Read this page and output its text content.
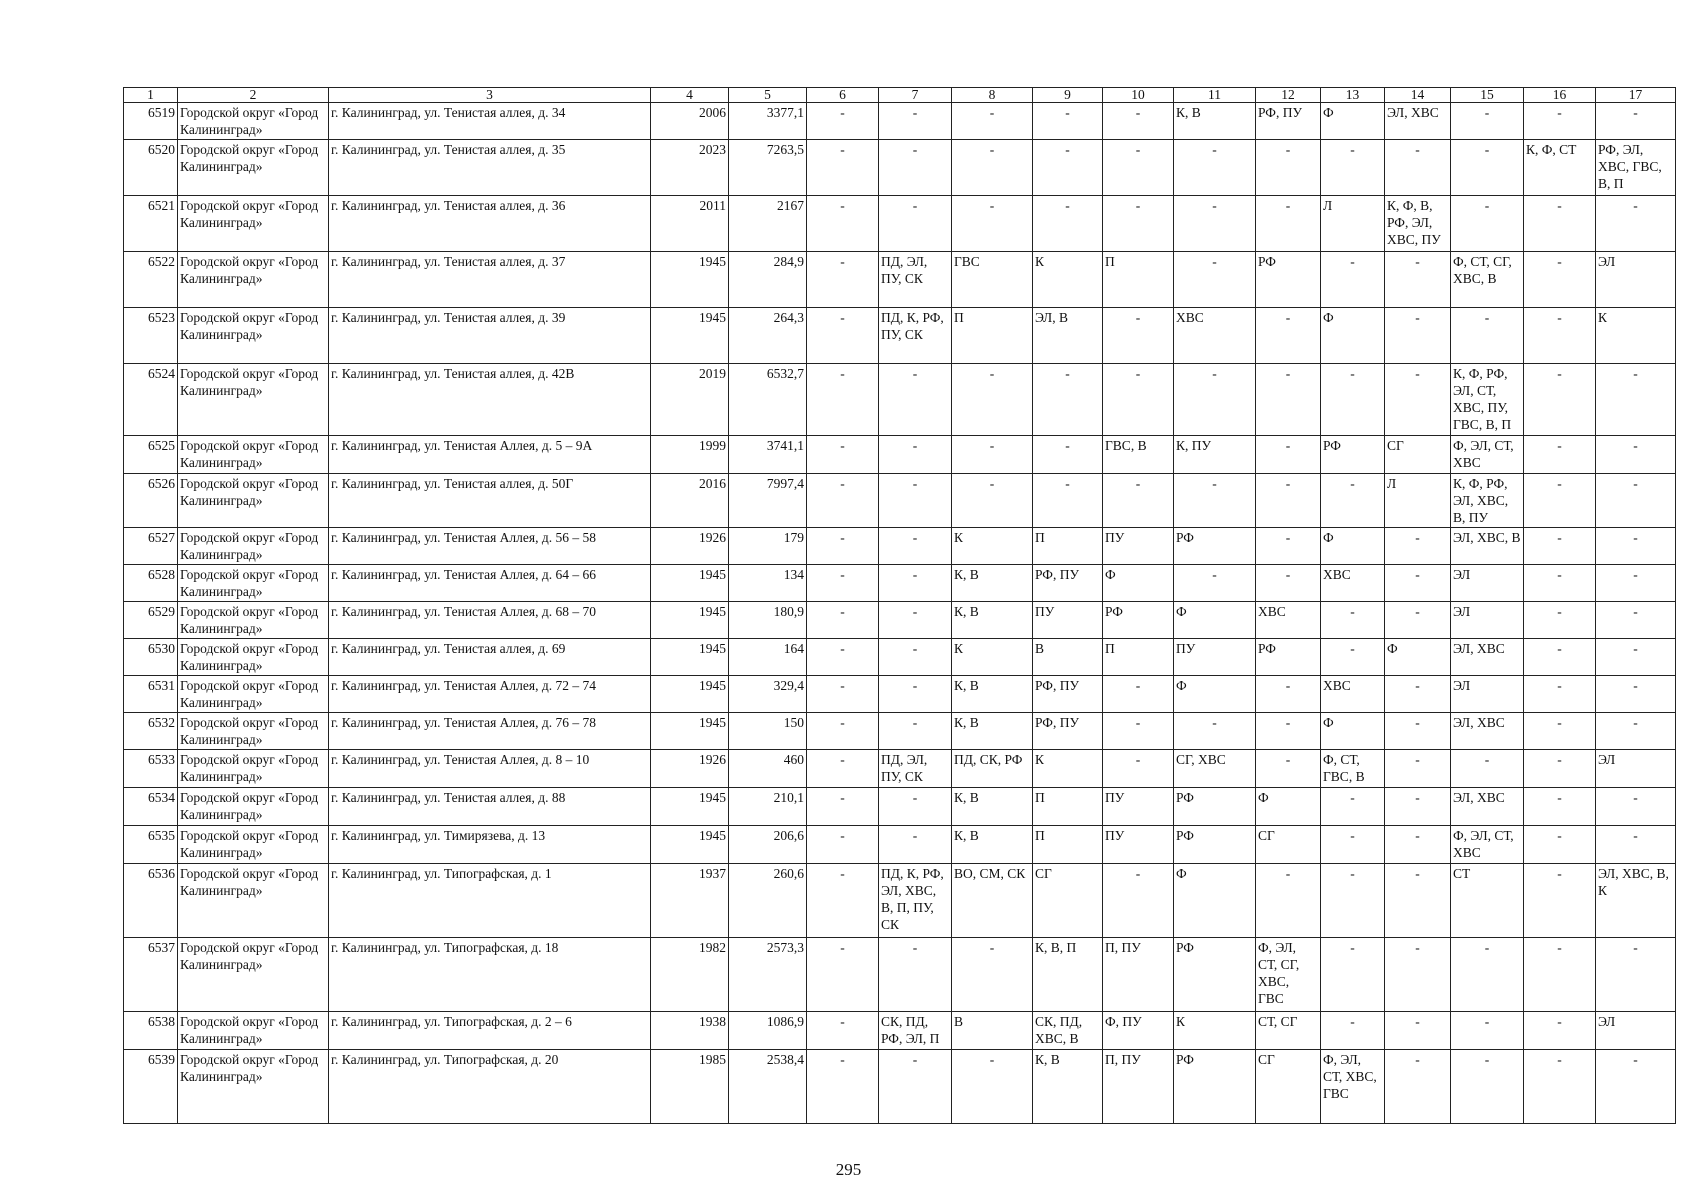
1	2	3	4	5	6	7	8	9	10	11	12	13	14	15	16	17
6519	Городской округ «Город Калининград»	г. Калининград, ул. Тенистая аллея, д. 34	2006	3377,1	-	-	-	-	-	К, В	РФ, ПУ	Ф	ЭЛ, ХВС	-	-	-
6520	Городской округ «Город Калининград»	г. Калининград, ул. Тенистая аллея, д. 35	2023	7263,5	-	-	-	-	-	-	-	-	-	-	К, Ф, СТ	РФ, ЭЛ, ХВС, ГВС, В, П
6521	Городской округ «Город Калининград»	г. Калининград, ул. Тенистая аллея, д. 36	2011	2167	-	-	-	-	-	-	-	Л	К, Ф, В, РФ, ЭЛ, ХВС, ПУ	-	-	-
6522	Городской округ «Город Калининград»	г. Калининград, ул. Тенистая аллея, д. 37	1945	284,9	-	ПД, ЭЛ, ПУ, СК	ГВС	К	П	-	РФ	-	-	Ф, СТ, СГ, ХВС, В	-	ЭЛ
6523	Городской округ «Город Калининград»	г. Калининград, ул. Тенистая аллея, д. 39	1945	264,3	-	ПД, К, РФ, ПУ, СК	П	ЭЛ, В	-	ХВС	-	Ф	-	-	-	К
6524	Городской округ «Город Калининград»	г. Калининград, ул. Тенистая аллея, д. 42В	2019	6532,7	-	-	-	-	-	-	-	-	-	К, Ф, РФ, ЭЛ, СТ, ХВС, ПУ, ГВС, В, П	-	-
6525	Городской округ «Город Калининград»	г. Калининград, ул. Тенистая Аллея, д. 5 – 9А	1999	3741,1	-	-	-	-	ГВС, В	К, ПУ	-	РФ	СГ	Ф, ЭЛ, СТ, ХВС	-	-
6526	Городской округ «Город Калининград»	г. Калининград, ул. Тенистая аллея, д. 50Г	2016	7997,4	-	-	-	-	-	-	-	-	Л	К, Ф, РФ, ЭЛ, ХВС, В, ПУ	-	-
6527	Городской округ «Город Калининград»	г. Калининград, ул. Тенистая Аллея, д. 56 – 58	1926	179	-	-	К	П	ПУ	РФ	-	Ф	-	ЭЛ, ХВС, В	-	-
6528	Городской округ «Город Калининград»	г. Калининград, ул. Тенистая Аллея, д. 64 – 66	1945	134	-	-	К, В	РФ, ПУ	Ф	-	-	ХВС	-	ЭЛ	-	-
6529	Городской округ «Город Калининград»	г. Калининград, ул. Тенистая Аллея, д. 68 – 70	1945	180,9	-	-	К, В	ПУ	РФ	Ф	ХВС	-	-	ЭЛ	-	-
6530	Городской округ «Город Калининград»	г. Калининград, ул. Тенистая аллея, д. 69	1945	164	-	-	К	В	П	ПУ	РФ	-	Ф	ЭЛ, ХВС	-	-
6531	Городской округ «Город Калининград»	г. Калининград, ул. Тенистая Аллея, д. 72 – 74	1945	329,4	-	-	К, В	РФ, ПУ	-	Ф	-	ХВС	-	ЭЛ	-	-
6532	Городской округ «Город Калининград»	г. Калининград, ул. Тенистая Аллея, д. 76 – 78	1945	150	-	-	К, В	РФ, ПУ	-	-	-	Ф	-	ЭЛ, ХВС	-	-
6533	Городской округ «Город Калининград»	г. Калининград, ул. Тенистая Аллея, д. 8 – 10	1926	460	-	ПД, ЭЛ, ПУ, СК	ПД, СК, РФ	К	-	СГ, ХВС	-	Ф, СТ, ГВС, В	-	-	-	ЭЛ
6534	Городской округ «Город Калининград»	г. Калининград, ул. Тенистая аллея, д. 88	1945	210,1	-	-	К, В	П	ПУ	РФ	Ф	-	-	ЭЛ, ХВС	-	-
6535	Городской округ «Город Калининград»	г. Калининград, ул. Тимирязева, д. 13	1945	206,6	-	-	К, В	П	ПУ	РФ	СГ	-	-	Ф, ЭЛ, СТ, ХВС	-	-
6536	Городской округ «Город Калининград»	г. Калининград, ул. Типографская, д. 1	1937	260,6	-	ПД, К, РФ, ЭЛ, ХВС, В, П, ПУ, СК	ВО, СМ, СК	СГ	-	Ф	-	-	-	СТ	-	ЭЛ, ХВС, В, К
6537	Городской округ «Город Калининград»	г. Калининград, ул. Типографская, д. 18	1982	2573,3	-	-	-	К, В, П	П, ПУ	РФ	Ф, ЭЛ, СТ, СГ, ХВС, ГВС	-	-	-	-	-
6538	Городской округ «Город Калининград»	г. Калининград, ул. Типографская, д. 2 – 6	1938	1086,9	-	СК, ПД, РФ, ЭЛ, П	В	СК, ПД, ХВС, В	Ф, ПУ	К	СТ, СГ	-	-	-	-	ЭЛ
6539	Городской округ «Город Калининград»	г. Калининград, ул. Типографская, д. 20	1985	2538,4	-	-	-	К, В	П, ПУ	РФ	СГ	Ф, ЭЛ, СТ, ХВС, ГВС	-	-	-	-
295
